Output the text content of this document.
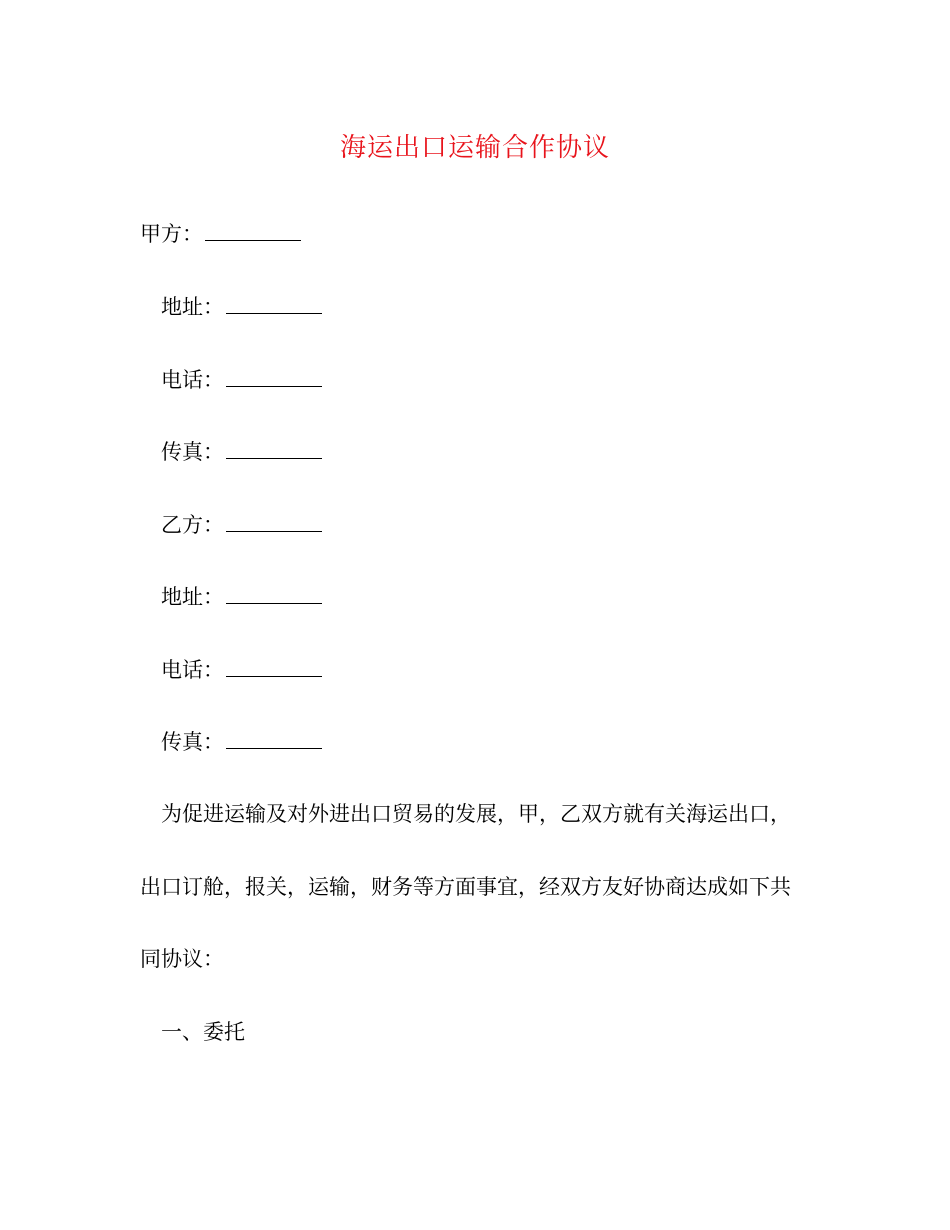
海运出口运输合作协议
甲方：
地址：
电话：
传真：
乙方：
地址：
电话：
传真：
为促进运输及对外进出口贸易的发展，甲，乙双方就有关海运出口，
出口订舱，报关，运输，财务等方面事宜，经双方友好协商达成如下共
同协议：
一、委托
